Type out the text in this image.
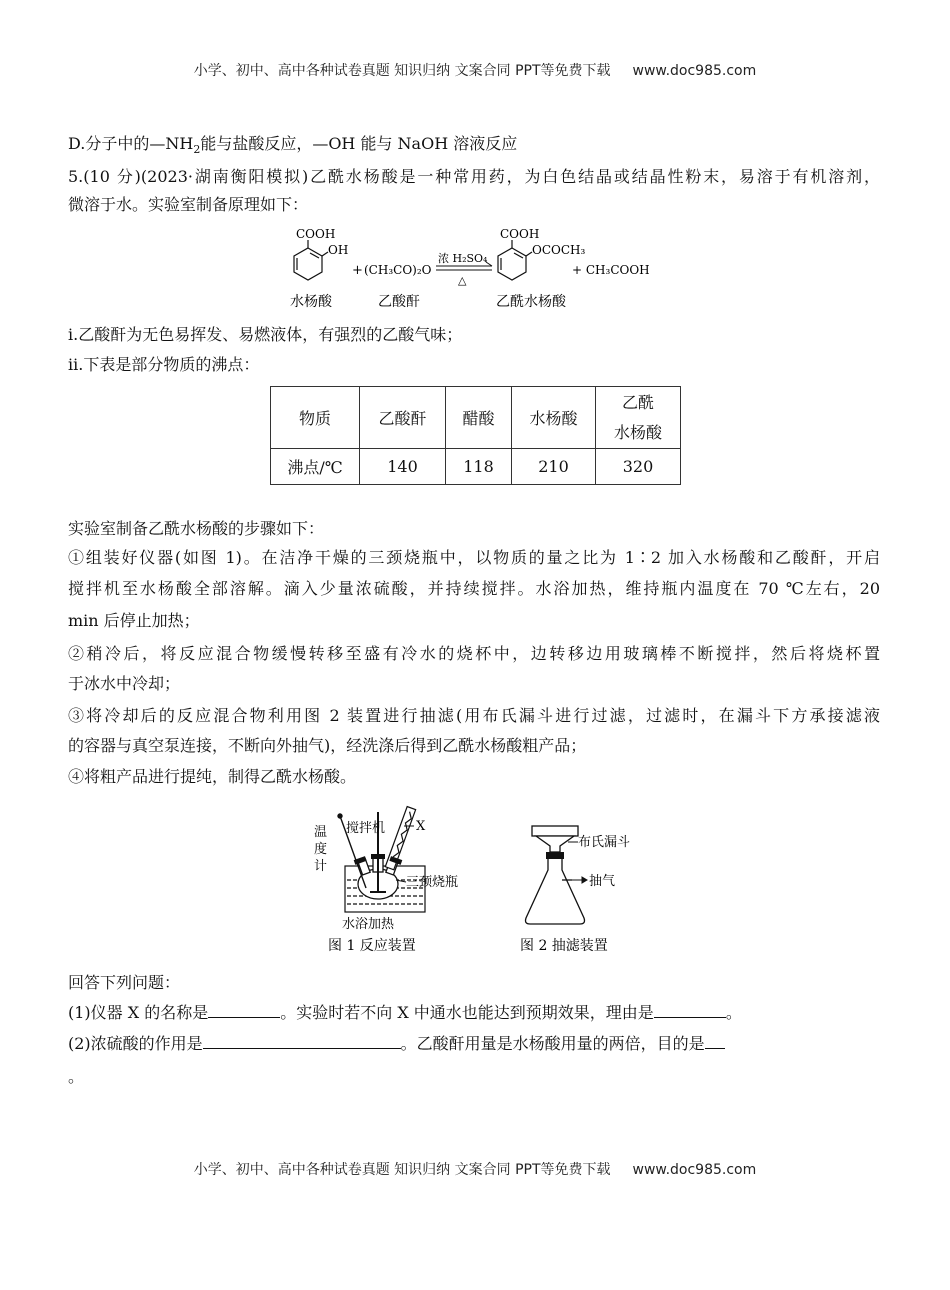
小学、初中、高中各种试卷真题 知识归纳 文案合同 PPT等免费下载 www.doc985.com
D.分子中的$—NH_2$能与盐酸反应，—OH 能与 NaOH 溶液反应
5.(10 分)(2023·湖南衡阳模拟)乙酰水杨酸是一种常用药，为白色结晶或结晶性粉末，易溶于有机溶剂，
微溶于水。实验室制备原理如下：
COOH
OH
+ (CH₃CO)₂O
浓 H₂SO₄
△
COOH
OCOCH₃
+ CH₃COOH
水杨酸	乙酸酐	乙酰水杨酸
ⅰ.乙酸酐为无色易挥发、易燃液体，有强烈的乙酸气味；
ⅱ.下表是部分物质的沸点：
物质	乙酸酐	醋酸	水杨酸	乙酰
水杨酸

沸点/℃	140	118	210	320
实验室制备乙酰水杨酸的步骤如下：
①组装好仪器(如图 1)。在洁净干燥的三颈烧瓶中，以物质的量之比为 1∶2 加入水杨酸和乙酸酐，开启
搅拌机至水杨酸全部溶解。滴入少量浓硫酸，并持续搅拌。水浴加热，维持瓶内温度在 70 ℃左右，20
min 后停止加热；
②稍冷后，将反应混合物缓慢转移至盛有冷水的烧杯中，边转移边用玻璃棒不断搅拌，然后将烧杯置
于冰水中冷却；
③将冷却后的反应混合物利用图 2 装置进行抽滤(用布氏漏斗进行过滤，过滤时，在漏斗下方承接滤液
的容器与真空泵连接，不断向外抽气)，经洗涤后得到乙酰水杨酸粗产品；
④将粗产品进行提纯，制得乙酰水杨酸。
温
度
计
搅拌机 X
三颈烧瓶
水浴加热
图 1 反应装置
布氏漏斗
抽气
图 2 抽滤装置
回答下列问题：
(1)仪器 X 的名称是	。实验时若不向 X 中通水也能达到预期效果，理由是	。
(2)浓硫酸的作用是	。乙酸酐用量是水杨酸用量的两倍，目的是
。
小学、初中、高中各种试卷真题 知识归纳 文案合同 PPT等免费下载 www.doc985.com
